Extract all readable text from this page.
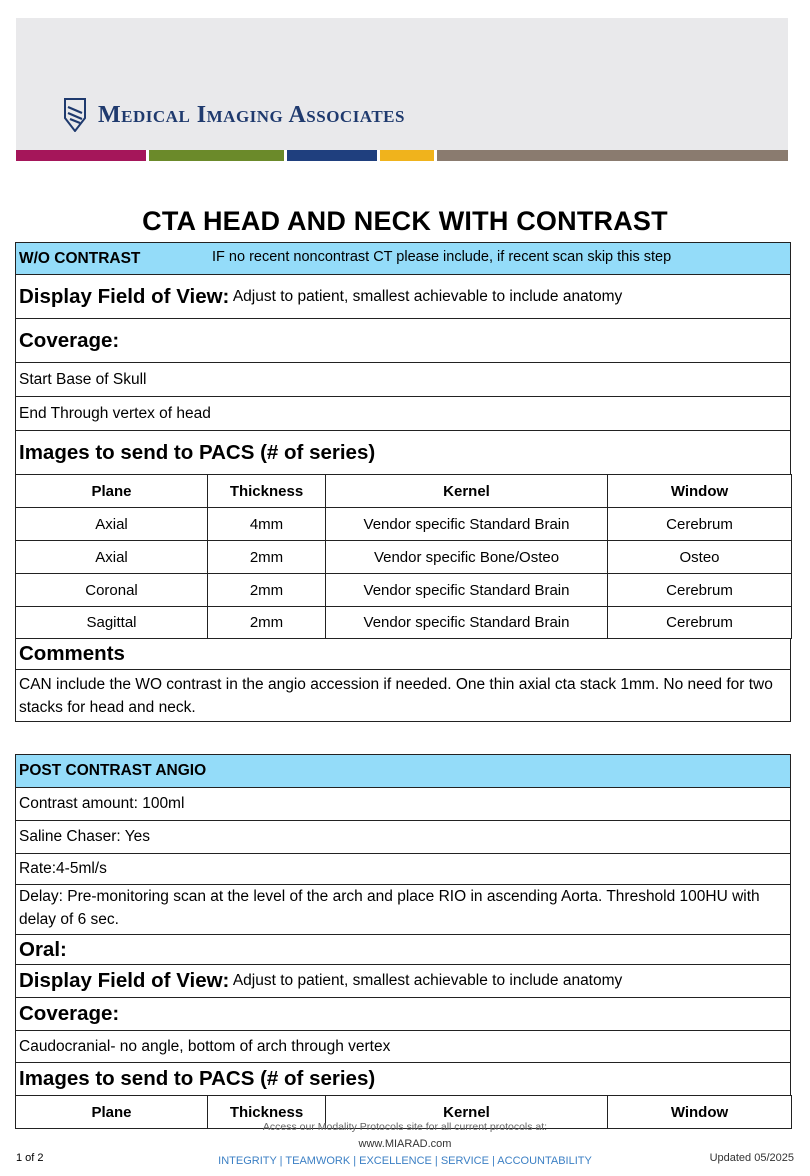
Medical Imaging Associates
CTA HEAD AND NECK WITH CONTRAST
W/O CONTRAST	IF no recent noncontrast CT please include, if recent scan skip this step
Display Field of View: Adjust to patient, smallest achievable to include anatomy
Coverage:
Start Base of Skull
End Through vertex of head
Images to send to PACS (# of series)
Plane	Thickness	Kernel	Window
Axial	4mm	Vendor specific Standard Brain	Cerebrum
Axial	2mm	Vendor specific Bone/Osteo	Osteo
Coronal	2mm	Vendor specific Standard Brain	Cerebrum
Sagittal	2mm	Vendor specific Standard Brain	Cerebrum
Comments
CAN include the WO contrast in the angio accession if needed. One thin axial cta stack 1mm. No need for two stacks for head and neck.
POST CONTRAST ANGIO
Contrast amount: 100ml
Saline Chaser: Yes
Rate:4-5ml/s
Delay: Pre-monitoring scan at the level of the arch and place RIO in ascending Aorta. Threshold 100HU with delay of 6 sec.
Oral:
Display Field of View: Adjust to patient, smallest achievable to include anatomy
Coverage:
Caudocranial- no angle, bottom of arch through vertex
Images to send to PACS (# of series)
Plane	Thickness	Kernel	Window
1 of 2
Access our Modality Protocols site for all current protocols at:
www.MIARAD.com
INTEGRITY | TEAMWORK | EXCELLENCE | SERVICE | ACCOUNTABILITY	Updated 05/2025
